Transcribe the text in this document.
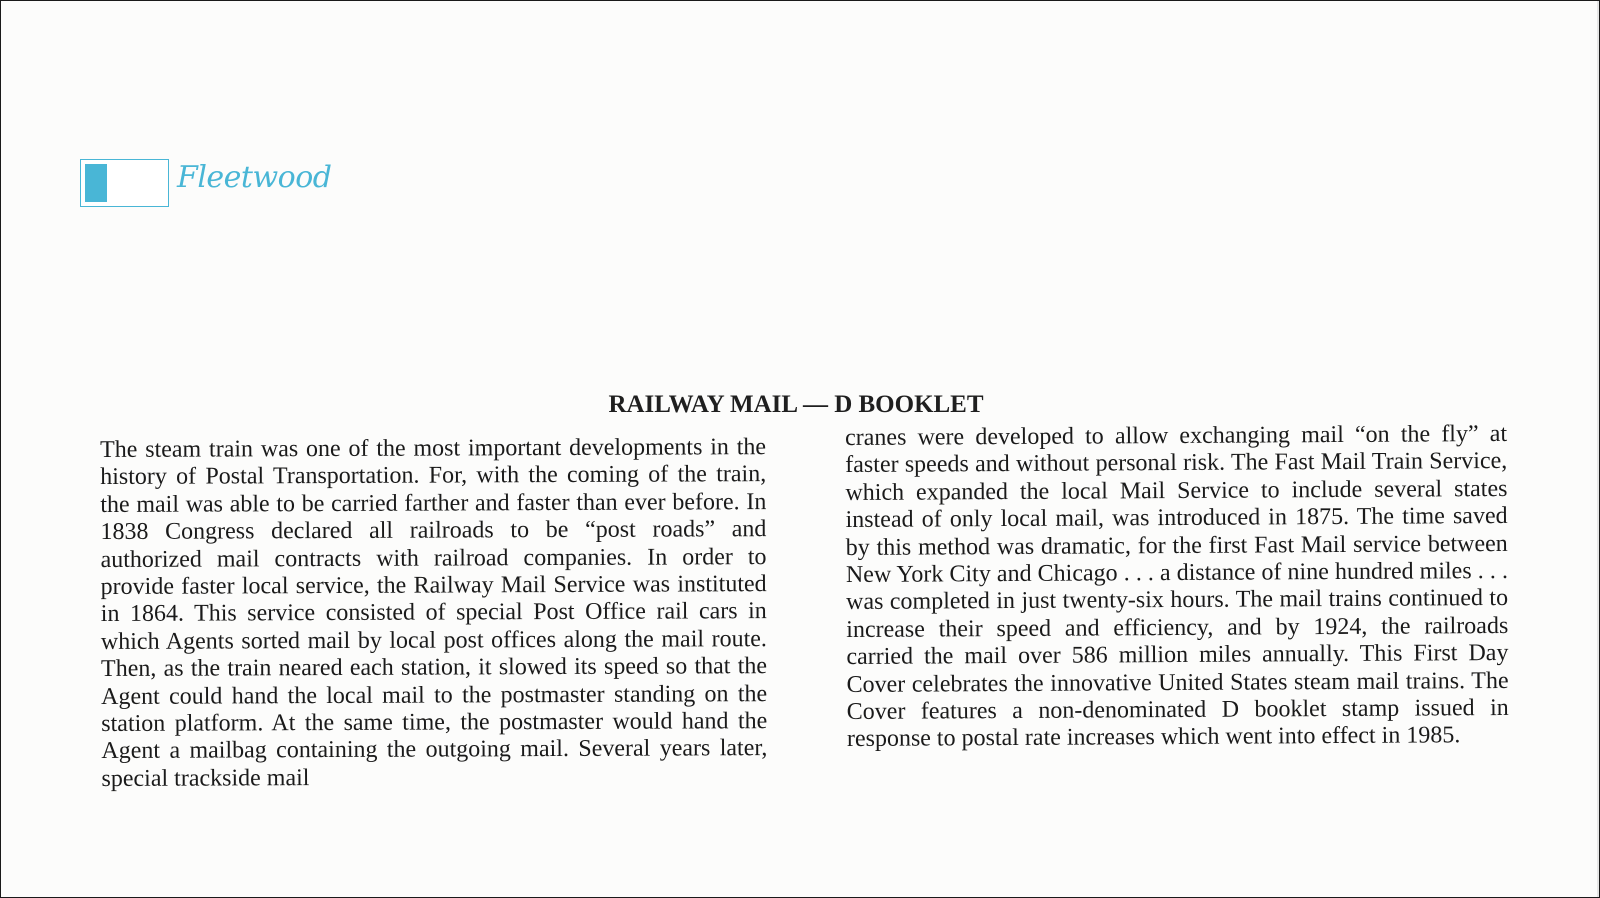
Fleetwood
RAILWAY MAIL — D BOOKLET
The steam train was one of the most important developments in the history of Postal Transportation. For, with the coming of the train, the mail was able to be carried farther and faster than ever before. In 1838 Congress declared all railroads to be “post roads” and authorized mail contracts with railroad companies. In order to provide faster local service, the Railway Mail Service was instituted in 1864. This service consisted of special Post Office rail cars in which Agents sorted mail by local post offices along the mail route. Then, as the train neared each station, it slowed its speed so that the Agent could hand the local mail to the postmaster standing on the station platform. At the same time, the postmaster would hand the Agent a mailbag containing the outgoing mail. Several years later, special trackside mail
cranes were developed to allow exchanging mail “on the fly” at faster speeds and without personal risk. The Fast Mail Train Service, which expanded the local Mail Service to include several states instead of only local mail, was introduced in 1875. The time saved by this method was dramatic, for the first Fast Mail service between New York City and Chicago . . . a distance of nine hundred miles . . . was completed in just twenty-six hours. The mail trains continued to increase their speed and efficiency, and by 1924, the railroads carried the mail over 586 million miles annually. This First Day Cover celebrates the innovative United States steam mail trains. The Cover features a non-denominated D booklet stamp issued in response to postal rate increases which went into effect in 1985.
